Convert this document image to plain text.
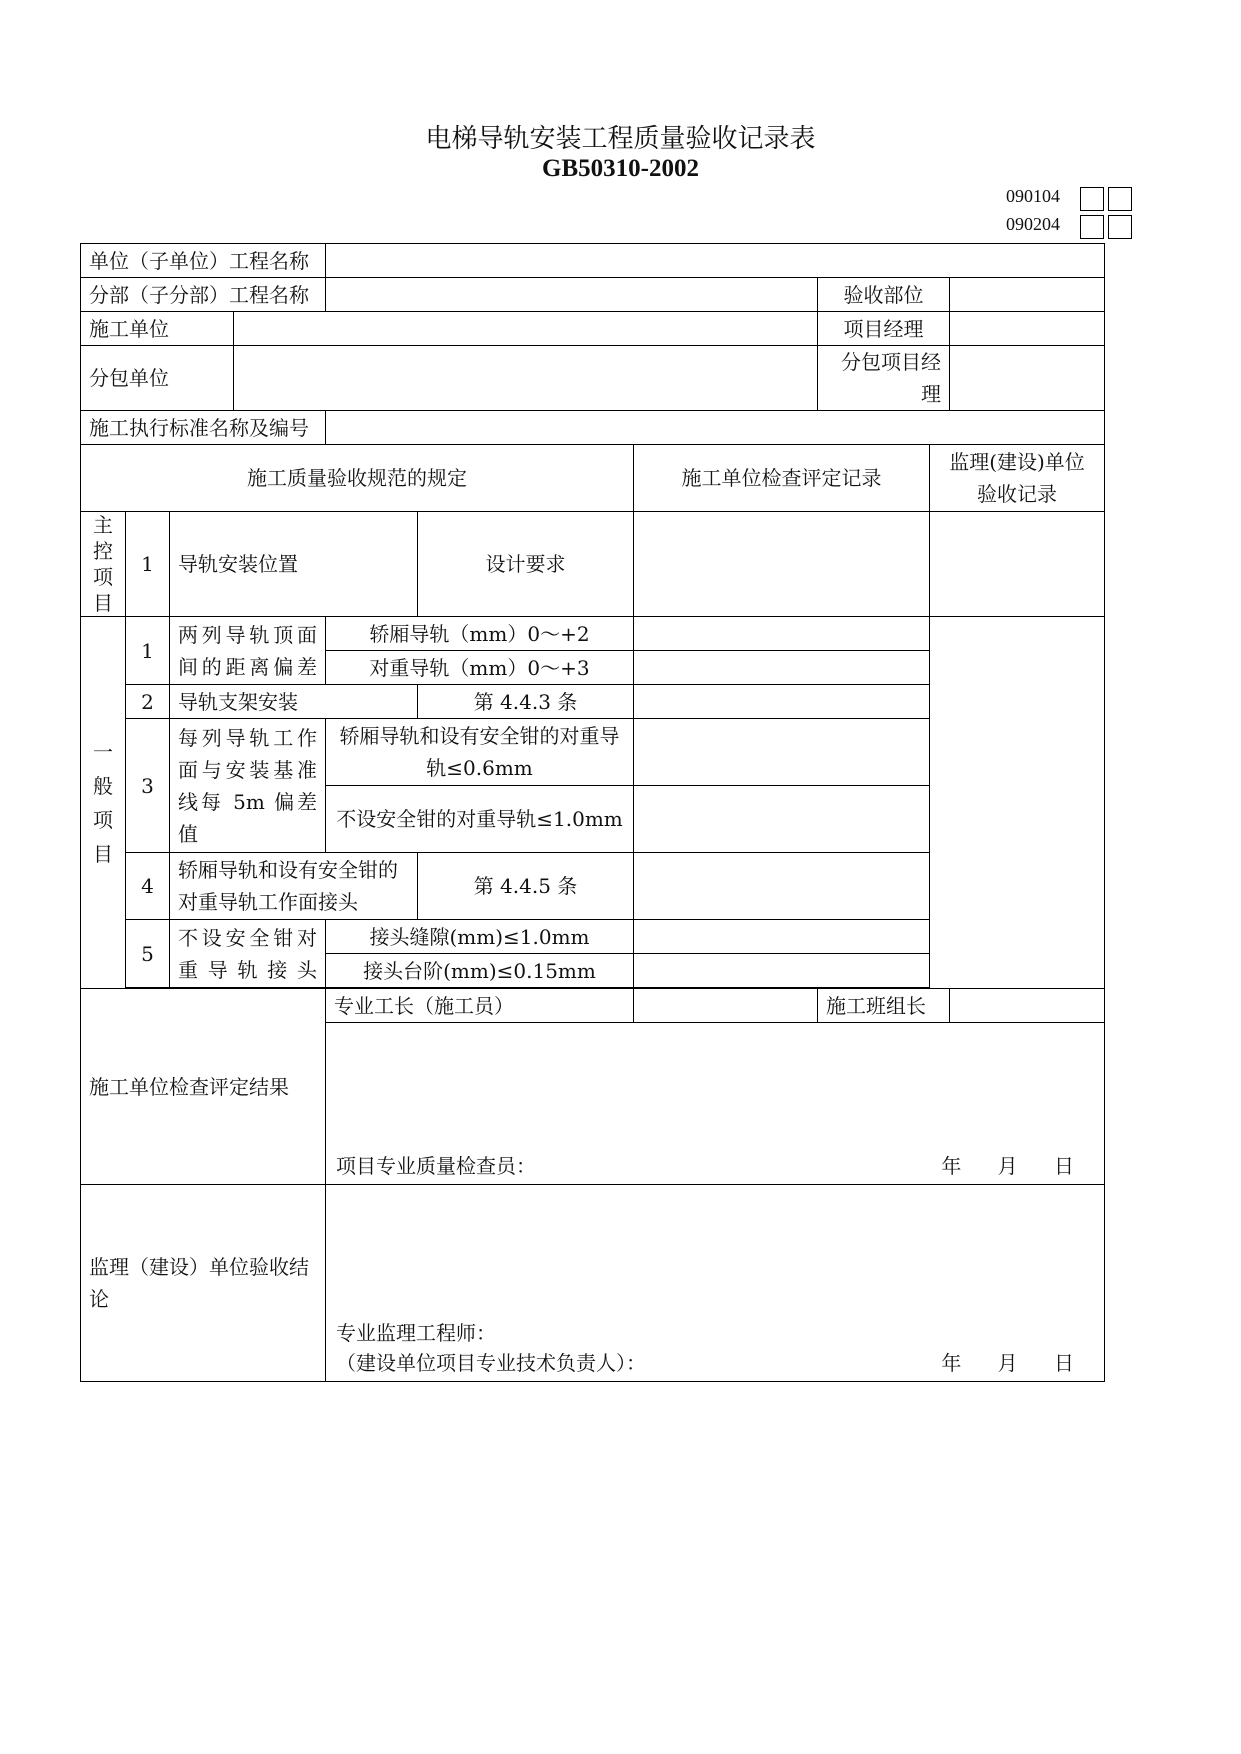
电梯导轨安装工程质量验收记录表
GB50310-2002
090104
090204
单位（子单位）工程名称									
分部（子分部）工程名称							验收部位		
施工单位							项目经理		
分包单位							分包项目经理		
施工执行标准名称及编号									
施工质量验收规范的规定						施工单位检查评定记录		监理(建设)单位验收记录	
主控项目	1	导轨安装位置			设计要求				
一般项目	1	两列导轨顶面间的距离偏差		轿厢导轨（mm）0～+2					
				对重导轨（mm）0～+3					
	2	导轨支架安装			第 4.4.3 条				
	3	每列导轨工作面与安装基准线每 5m 偏差值		轿厢导轨和设有安全钳的对重导轨≤0.6mm					
				不设安全钳的对重导轨≤1.0mm					
	4	轿厢导轨和设有安全钳的对重导轨工作面接头			第 4.4.5 条				
	5	不设安全钳对重导轨接头		接头缝隙(mm)≤1.0mm					
				接头台阶(mm)≤0.15mm					

施工单位检查评定结果				专业工长（施工员）			施工班组长		

				项目专业质量检查员： 年 月 日					

监理（建设）单位验收结论				专业监理工程师：
（建设单位项目专业技术负责人）： 年 月 日					
